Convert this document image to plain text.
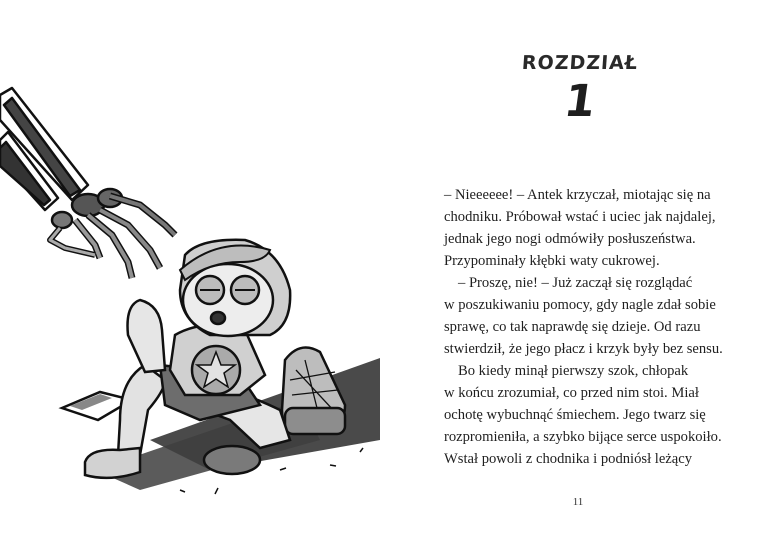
ROZDZIAŁ
1
– Nieeeeee! – Antek krzyczał, miotając się na
chodniku. Próbował wstać i uciec jak najdalej,
jednak jego nogi odmówiły posłuszeństwa.
Przypominały kłębki waty cukrowej.
– Proszę, nie! – Już zaczął się rozglądać
w poszukiwaniu pomocy, gdy nagle zdał sobie
sprawę, co tak naprawdę się dzieje. Od razu
stwierdził, że jego płacz i krzyk były bez sensu.
Bo kiedy minął pierwszy szok, chłopak
w końcu zrozumiał, co przed nim stoi. Miał
ochotę wybuchnąć śmiechem. Jego twarz się
rozpromieniła, a szybko bijące serce uspokoiło.
Wstał powoli z chodnika i podniósł leżący
11
